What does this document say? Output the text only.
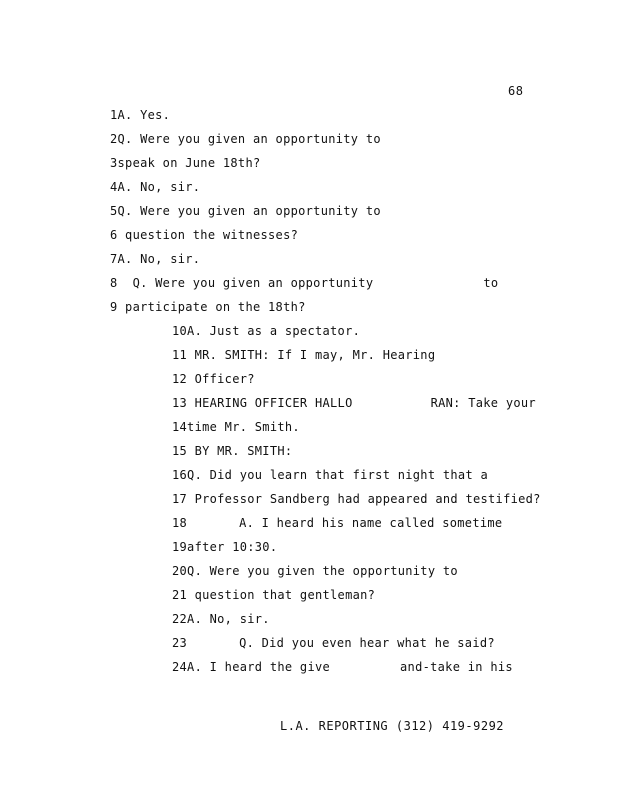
68
1A. Yes.
2Q. Were you given an opportunity to
3speak on June 18th?
4A. No, sir.
5Q. Were you given an opportunity to
6 question the witnesses?
7A. No, sir.
8  Q. Were you given an opportunity	to
9 participate on the 18th?
10A. Just as a spectator.
11 MR. SMITH: If I may, Mr. Hearing
12 Officer?
13 HEARING OFFICER HALLO	RAN: Take your
14time Mr. Smith.
15 BY MR. SMITH:
16Q. Did you learn that first night that a
17 Professor Sandberg had appeared and testified?
18	A. I heard his name called sometime
19after 10:30.
20Q. Were you given the opportunity to
21 question that gentleman?
22A. No, sir.
23	Q. Did you even hear what he said?
24A. I heard the give	and-take in his
L.A. REPORTING (312) 419-9292
